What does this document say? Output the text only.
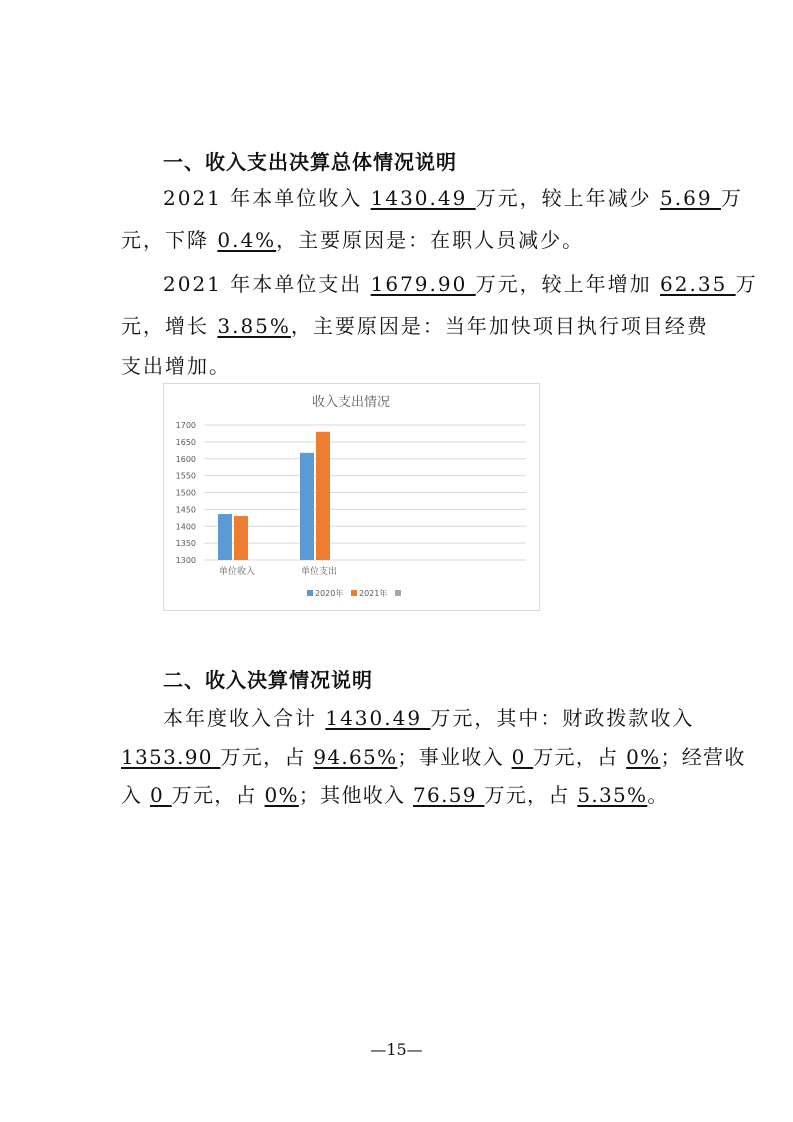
一、收入支出决算总体情况说明
2021 年本单位收入 1430.49 万元，较上年减少 5.69 万
元，下降 0.4%，主要原因是：在职人员减少。
2021 年本单位支出 1679.90 万元，较上年增加 62.35 万
元，增长 3.85%，主要原因是：当年加快项目执行项目经费
支出增加。
收入支出情况
1300
1350
1400
1450
1500
1550
1600
1650
1700
单位收入	单位支出
2020年 2021年
二、收入决算情况说明
本年度收入合计 1430.49 万元，其中：财政拨款收入
1353.90 万元，占 94.65%；事业收入 0 万元，占 0%；经营收
入 0 万元，占 0%；其他收入 76.59 万元，占 5.35%。
—15—
